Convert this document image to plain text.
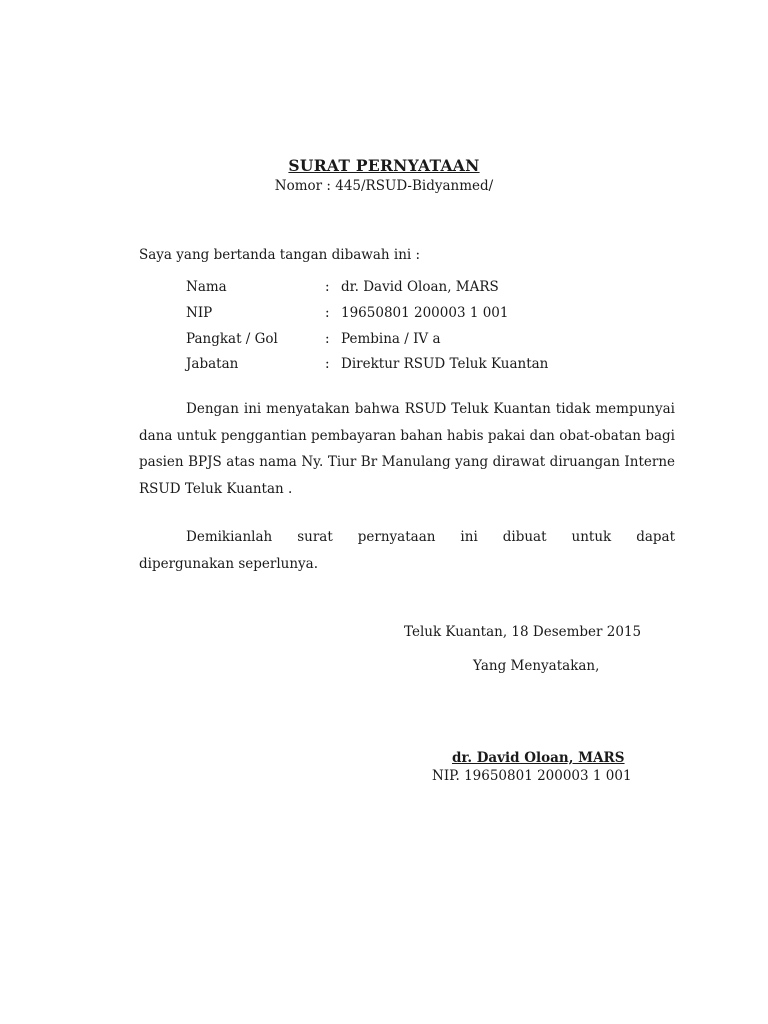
SURAT PERNYATAAN
Nomor : 445/RSUD-Bidyanmed/
Saya yang bertanda tangan dibawah ini :
Nama	: dr. David Oloan, MARS
NIP	: 19650801 200003 1 001
Pangkat / Gol	: Pembina / IV a
Jabatan	: Direktur RSUD Teluk Kuantan
Dengan ini menyatakan bahwa RSUD Teluk Kuantan tidak mempunyai dana untuk penggantian pembayaran bahan habis pakai dan obat-obatan bagi pasien BPJS atas nama Ny. Tiur Br Manulang yang dirawat diruangan Interne RSUD Teluk Kuantan .
Demikianlah surat pernyataan ini dibuat untuk dapat
dipergunakan seperlunya.
Teluk Kuantan, 18 Desember 2015
Yang Menyatakan,
dr. David Oloan, MARS
NIP. 19650801 200003 1 001
